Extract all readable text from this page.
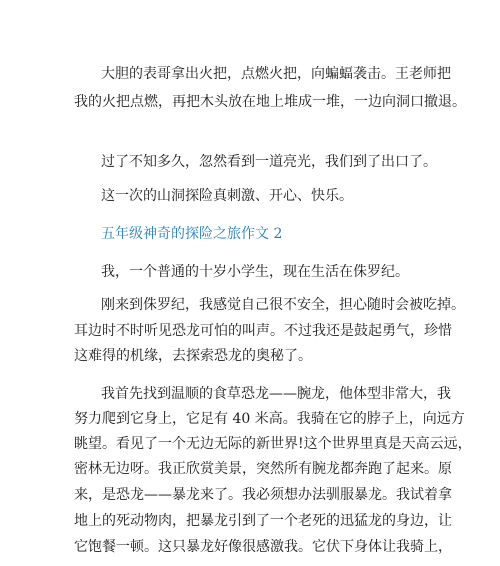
大胆的表哥拿出火把，点燃火把，向蝙蝠袭击。王老师把
我的火把点燃，再把木头放在地上堆成一堆，一边向洞口撤退。
过了不知多久，忽然看到一道亮光，我们到了出口了。
这一次的山洞探险真刺激、开心、快乐。
五年级神奇的探险之旅作文 2
我，一个普通的十岁小学生，现在生活在侏罗纪。
刚来到侏罗纪，我感觉自己很不安全，担心随时会被吃掉。
耳边时不时听见恐龙可怕的叫声。不过我还是鼓起勇气，珍惜
这难得的机缘，去探索恐龙的奥秘了。
我首先找到温顺的食草恐龙——腕龙，他体型非常大，我
努力爬到它身上，它足有 40 米高。我骑在它的脖子上，向远方
眺望。看见了一个无边无际的新世界!这个世界里真是天高云远，
密林无边呀。我正欣赏美景，突然所有腕龙都奔跑了起来。原
来，是恐龙——暴龙来了。我必须想办法驯服暴龙。我试着拿
地上的死动物肉，把暴龙引到了一个老死的迅猛龙的身边，让
它饱餐一顿。这只暴龙好像很感激我。它伏下身体让我骑上，
